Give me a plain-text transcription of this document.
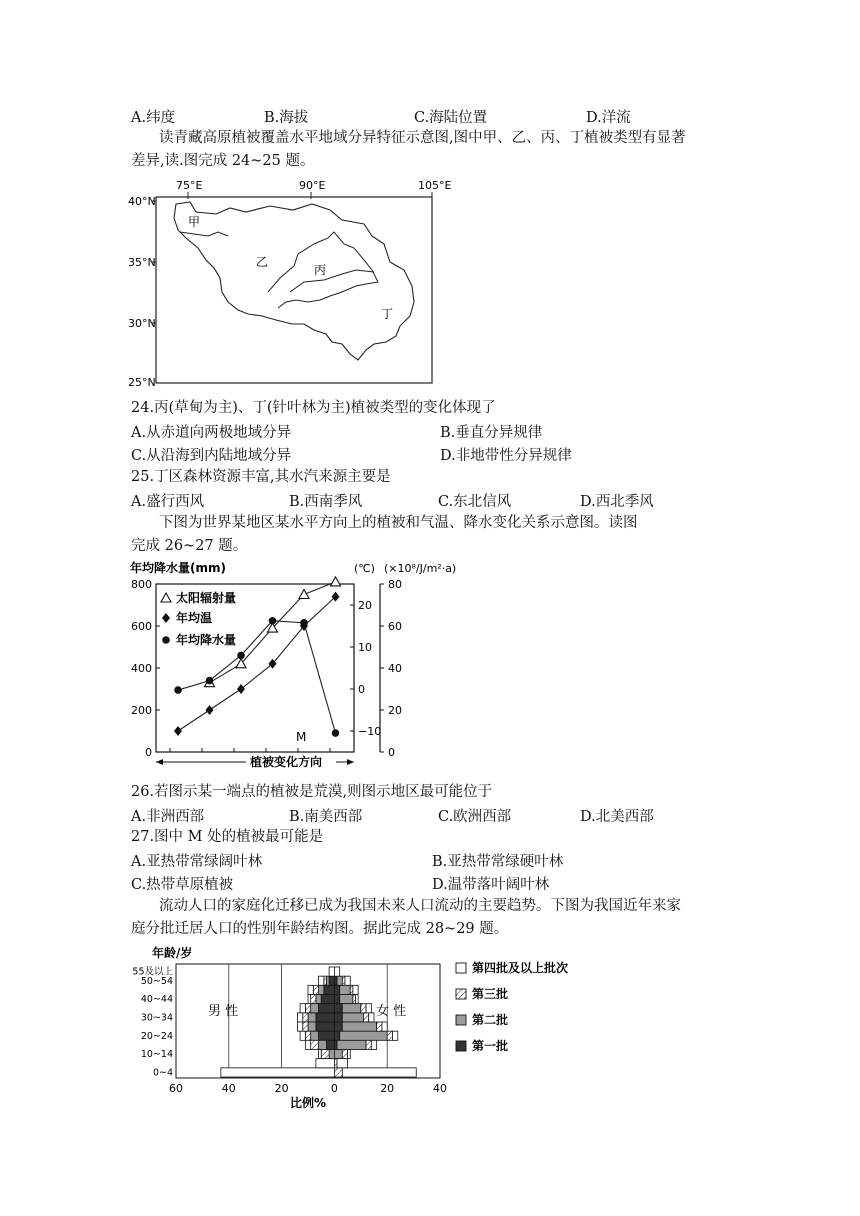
A.纬度	B.海拔	C.海陆位置	D.洋流
读青藏高原植被覆盖水平地域分异特征示意图,图中甲、乙、丙、丁植被类型有显著
差异,读.图完成 24~25 题。
75°E	90°E	105°E
40°N
35°N
30°N
25°N
甲
乙
丙
丁
24.丙(草甸为主)、丁(针叶林为主)植被类型的变化体现了
A.从赤道向两极地域分异	B.垂直分异规律
C.从沿海到内陆地域分异	D.非地带性分异规律
25.丁区森林资源丰富,其水汽来源主要是
A.盛行西风	B.西南季风	C.东北信风	D.西北季风
下图为世界某地区某水平方向上的植被和气温、降水变化关系示意图。读图
完成 26~27 题。
年均降水量(mm)	(℃) (×10⁸/J/m²·a)
800
600
400
200
0
20
10
0
−10
80
60
40
20
0
太阳辐射量
年均温
年均降水量
M
植被变化方向
26.若图示某一端点的植被是荒漠,则图示地区最可能位于
A.非洲西部	B.南美西部	C.欧洲西部	D.北美西部
27.图中 M 处的植被最可能是
A.亚热带常绿阔叶林	B.亚热带常绿硬叶林
C.热带草原植被	D.温带落叶阔叶林
流动人口的家庭化迁移已成为我国未来人口流动的主要趋势。下图为我国近年来家
庭分批迁居人口的性别年龄结构图。据此完成 28~29 题。
年龄/岁
60	40	20	0	20	40
0~4
10~14
20~24
30~34
40~44
50~54
55及以上	第四批及以上批次
第三批
第二批
第一批
男 性	女 性
比例%
